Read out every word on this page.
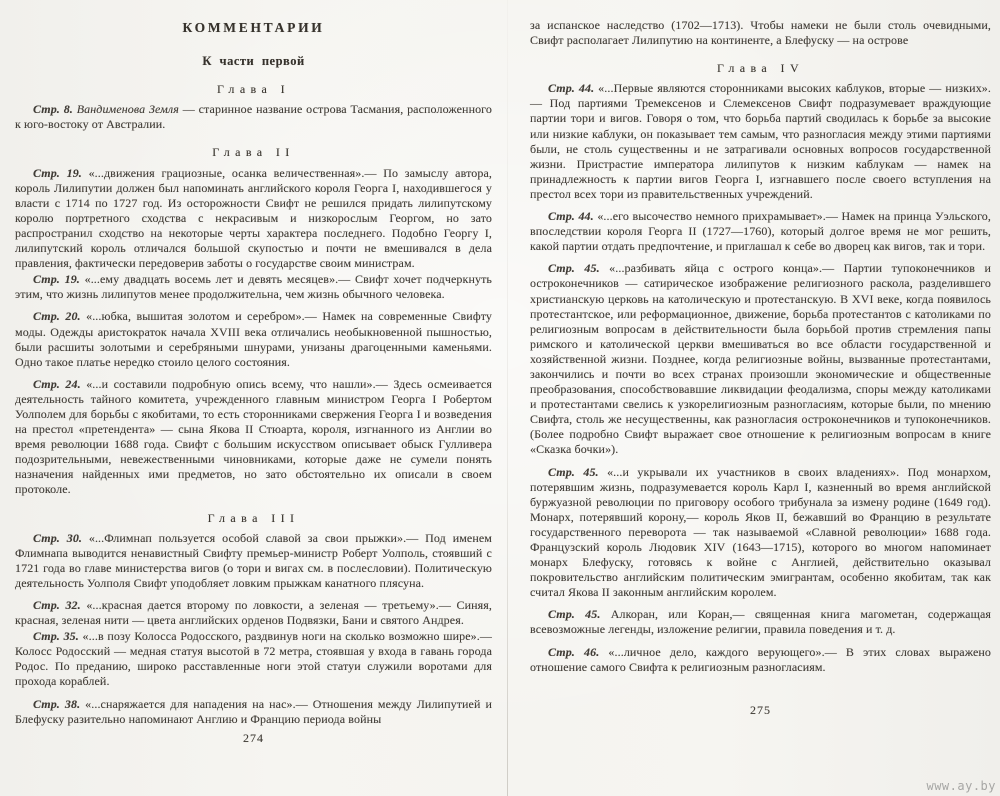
КОММЕНТАРИИ
К части первой
Глава I

Стр. 8. Вандименова Земля — старинное название острова Тасмания, расположенного к юго-востоку от Австралии.

Глава II

Стр. 19. «...движения грациозные, осанка величественная».— По замыслу автора, король Лилипутии должен был напоминать английского короля Георга I, находившегося у власти с 1714 по 1727 год. Из осторожности Свифт не решился придать лилипутскому королю портретного сходства с некрасивым и низкорослым Георгом, но зато распространил сходство на некоторые черты характера последнего. Подобно Георгу I, лилипутский король отличался большой скупостью и почти не вмешивался в дела правления, фактически передоверив заботы о государстве своим министрам.

Стр. 19. «...ему двадцать восемь лет и девять месяцев».— Свифт хочет подчеркнуть этим, что жизнь лилипутов менее продолжительна, чем жизнь обычного человека.

Стр. 20. «...юбка, вышитая золотом и серебром».— Намек на современные Свифту моды. Одежды аристократок начала XVIII века отличались необыкновенной пышностью, были расшиты золотыми и серебряными шнурами, унизаны драгоценными каменьями. Одно такое платье нередко стоило целого состояния.

Стр. 24. «...и составили подробную опись всему, что нашли».— Здесь осмеивается деятельность тайного комитета, учрежденного главным министром Георга I Робертом Уолполем для борьбы с якобитами, то есть сторонниками свержения Георга I и возведения на престол «претендента» — сына Якова II Стюарта, короля, изгнанного из Англии во время революции 1688 года. Свифт с большим искусством описывает обыск Гулливера подозрительными, невежественными чиновниками, которые даже не сумели понять назначения найденных ими предметов, но зато обстоятельно их описали в своем протоколе.

Глава III

Стр. 30. «...Флимнап пользуется особой славой за свои прыжки».— Под именем Флимнапа выводится ненавистный Свифту премьер-министр Роберт Уолполь, стоявший с 1721 года во главе министерства вигов (о тори и вигах см. в послесловии). Политическую деятельность Уолполя Свифт уподобляет ловким прыжкам канатного плясуна.

Стр. 32. «...красная дается второму по ловкости, а зеленая — третьему».— Синяя, красная, зеленая нити — цвета английских орденов Подвязки, Бани и святого Андрея.

Стр. 35. «...в позу Колосса Родосского, раздвинув ноги на сколько возможно шире».— Колосс Родосский — медная статуя высотой в 72 метра, стоявшая у входа в гавань города Родос. По преданию, широко расставленные ноги этой статуи служили воротами для прохода кораблей.

Стр. 38. «...снаряжается для нападения на нас».— Отношения между Лилипутией и Блефуску разительно напоминают Англию и Францию периода войны

274

за испанское наследство (1702—1713). Чтобы намеки не были столь очевидными, Свифт располагает Лилипутию на континенте, а Блефуску — на острове

Глава IV

Стр. 44. «...Первые являются сторонниками высоких каблуков, вторые — низких».— Под партиями Тремексенов и Слемексенов Свифт подразумевает враждующие партии тори и вигов. Говоря о том, что борьба партий сводилась к борьбе за высокие или низкие каблуки, он показывает тем самым, что разногласия между этими партиями были, не столь существенны и не затрагивали основных вопросов государственной жизни. Пристрастие императора лилипутов к низким каблукам — намек на принадлежность к партии вигов Георга I, изгнавшего после своего вступления на престол всех тори из правительственных учреждений.

Стр. 44. «...его высочество немного прихрамывает».— Намек на принца Уэльского, впоследствии короля Георга II (1727—1760), который долгое время не мог решить, какой партии отдать предпочтение, и приглашал к себе во дворец как вигов, так и тори.

Стр. 45. «...разбивать яйца с острого конца».— Партии тупоконечников и остроконечников — сатирическое изображение религиозного раскола, разделившего христианскую церковь на католическую и протестанскую. В XVI веке, когда появилось протестантское, или реформационное, движение, борьба протестантов с католиками по религиозным вопросам в действительности была борьбой против стремления папы римского и католической церкви вмешиваться во все области государственной и хозяйственной жизни. Позднее, когда религиозные войны, вызванные протестантами, закончились и почти во всех странах произошли экономические и общественные преобразования, способствовавшие ликвидации феодализма, споры между католиками и протестантами свелись к узкорелигиозным разногласиям, которые были, по мнению Свифта, столь же несущественны, как разногласия остроконечников и тупоконечников. (Более подробно Свифт выражает свое отношение к религиозным вопросам в книге «Сказка бочки»).

Стр. 45. «...и укрывали их участников в своих владениях». Под монархом, потерявшим жизнь, подразумевается король Карл I, казненный во время английской буржуазной революции по приговору особого трибунала за измену родине (1649 год). Монарх, потерявший корону,— король Яков II, бежавший во Францию в результате государственного переворота — так называемой «Славной революции» 1688 года. Французский король Людовик XIV (1643—1715), которого во многом напоминает монарх Блефуску, готовясь к войне с Англией, действительно оказывал покровительство английским политическим эмигрантам, особенно якобитам, так как считал Якова II законным английским королем.

Стр. 45. Алкоран, или Коран,— священная книга магометан, содержащая всевозможные легенды, изложение религии, правила поведения и т. д.

Стр. 46. «...личное дело, каждого верующего».— В этих словах выражено отношение самого Свифта к религиозным разногласиям.

275
www.ay.by
